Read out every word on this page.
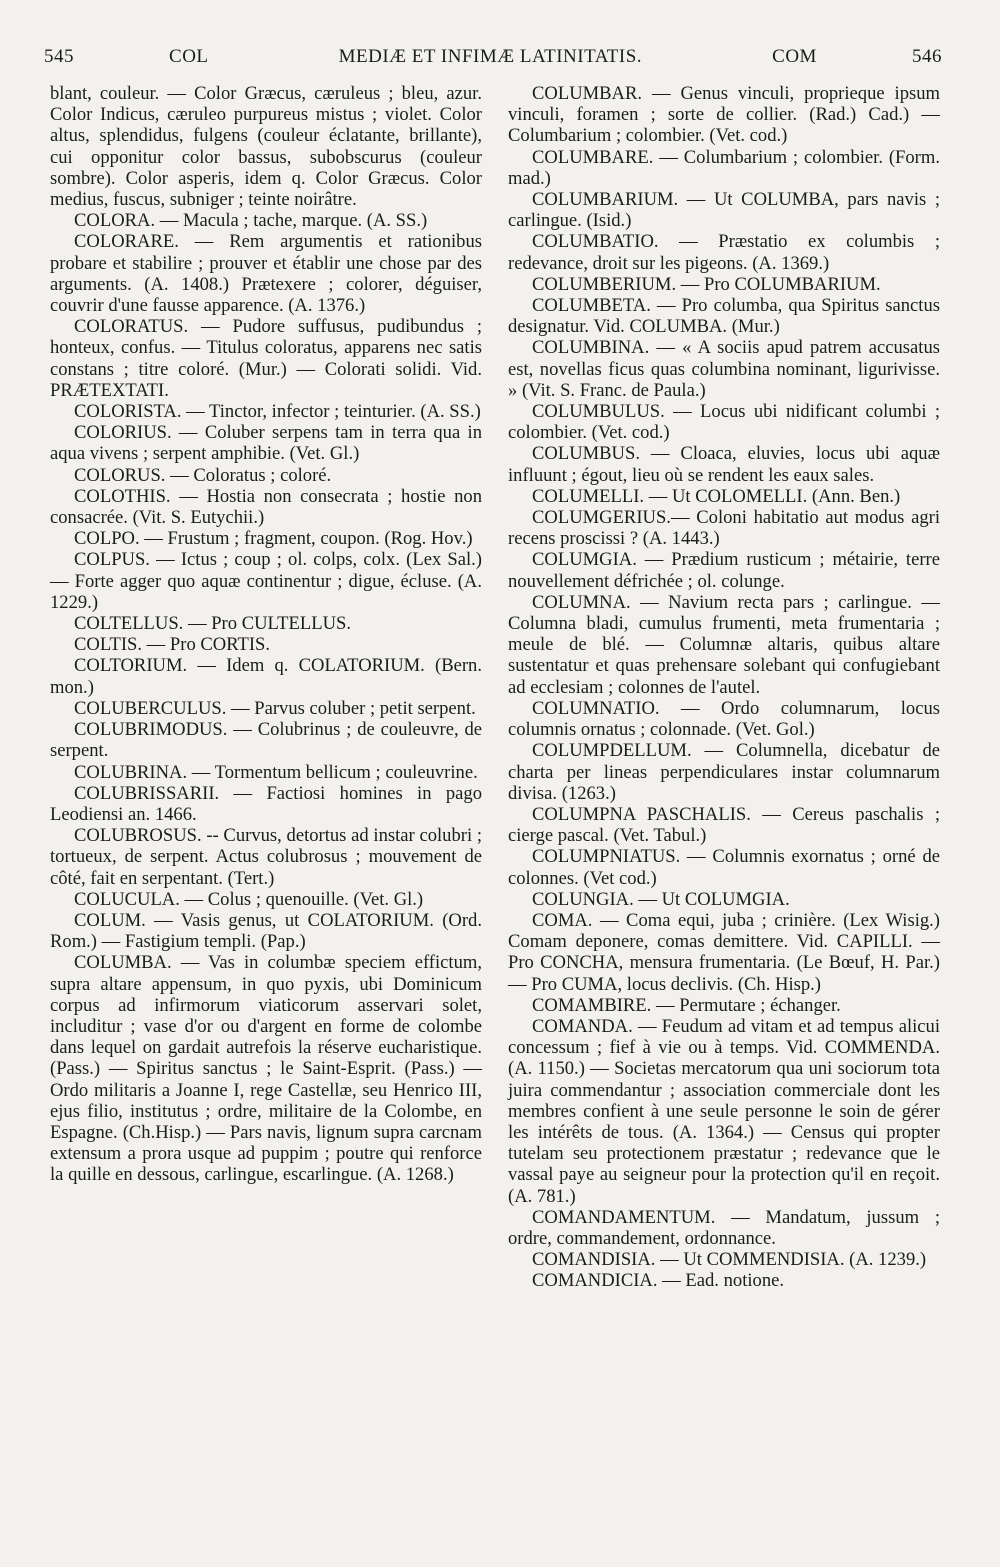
545	COL	MEDIÆ ET INFIMÆ LATINITATIS.	COM	546

blant, couleur. — Color Græcus, cæruleus ; bleu, azur. Color Indicus, cæruleo purpureus mistus ; violet. Color altus, splendidus, fulgens (couleur éclatante, brillante), cui opponitur color bassus, subobscurus (couleur sombre). Color asperis, idem q. Color Græcus. Color medius, fuscus, subniger ; teinte noirâtre.

COLORA. — Macula ; tache, marque. (A. SS.)

COLORARE. — Rem argumentis et rationibus probare et stabilire ; prouver et établir une chose par des arguments. (A. 1408.) Prætexere ; colorer, déguiser, couvrir d'une fausse apparence. (A. 1376.)

COLORATUS. — Pudore suffusus, pudibundus ; honteux, confus. — Titulus coloratus, apparens nec satis constans ; titre coloré. (Mur.) — Colorati solidi. Vid. PRÆTEXTATI.

COLORISTA. — Tinctor, infector ; teinturier. (A. SS.)

COLORIUS. — Coluber serpens tam in terra qua in aqua vivens ; serpent amphibie. (Vet. Gl.)

COLORUS. — Coloratus ; coloré.

COLOTHIS. — Hostia non consecrata ; hostie non consacrée. (Vit. S. Eutychii.)

COLPO. — Frustum ; fragment, coupon. (Rog. Hov.)

COLPUS. — Ictus ; coup ; ol. colps, colx. (Lex Sal.) — Forte agger quo aquæ continentur ; digue, écluse. (A. 1229.)

COLTELLUS. — Pro CULTELLUS.

COLTIS. — Pro CORTIS.

COLTORIUM. — Idem q. COLATORIUM. (Bern. mon.)

COLUBERCULUS. — Parvus coluber ; petit serpent.

COLUBRIMODUS. — Colubrinus ; de couleuvre, de serpent.

COLUBRINA. — Tormentum bellicum ; couleuvrine.

COLUBRISSARII. — Factiosi homines in pago Leodiensi an. 1466.

COLUBROSUS. -- Curvus, detortus ad instar colubri ; tortueux, de serpent. Actus colubrosus ; mouvement de côté, fait en serpentant. (Tert.)

COLUCULA. — Colus ; quenouille. (Vet. Gl.)

COLUM. — Vasis genus, ut COLATORIUM. (Ord. Rom.) — Fastigium templi. (Pap.)

COLUMBA. — Vas in columbæ speciem effictum, supra altare appensum, in quo pyxis, ubi Dominicum corpus ad infirmorum viaticorum asservari solet, includitur ; vase d'or ou d'argent en forme de colombe dans lequel on gardait autrefois la réserve eucharistique. (Pass.) — Spiritus sanctus ; le Saint-Esprit. (Pass.) — Ordo militaris a Joanne I, rege Castellæ, seu Henrico III, ejus filio, institutus ; ordre, militaire de la Colombe, en Espagne. (Ch.Hisp.) — Pars navis, lignum supra carcnam extensum a prora usque ad puppim ; poutre qui renforce la quille en dessous, carlingue, escarlingue. (A. 1268.)

COLUMBAR. — Genus vinculi, proprieque ipsum vinculi, foramen ; sorte de collier. (Rad.) Cad.) — Columbarium ; colombier. (Vet. cod.)

COLUMBARE. — Columbarium ; colombier. (Form. mad.)

COLUMBARIUM. — Ut COLUMBA, pars navis ; carlingue. (Isid.)

COLUMBATIO. — Præstatio ex columbis ; redevance, droit sur les pigeons. (A. 1369.)

COLUMBERIUM. — Pro COLUMBARIUM.

COLUMBETA. — Pro columba, qua Spiritus sanctus designatur. Vid. COLUMBA. (Mur.)

COLUMBINA. — « A sociis apud patrem accusatus est, novellas ficus quas columbina nominant, ligurivisse. » (Vit. S. Franc. de Paula.)

COLUMBULUS. — Locus ubi nidificant columbi ; colombier. (Vet. cod.)

COLUMBUS. — Cloaca, eluvies, locus ubi aquæ influunt ; égout, lieu où se rendent les eaux sales.

COLUMELLI. — Ut COLOMELLI. (Ann. Ben.)

COLUMGERIUS.— Coloni habitatio aut modus agri recens proscissi ? (A. 1443.)

COLUMGIA. — Prædium rusticum ; métairie, terre nouvellement défrichée ; ol. colunge.

COLUMNA. — Navium recta pars ; carlingue. — Columna bladi, cumulus frumenti, meta frumentaria ; meule de blé. — Columnæ altaris, quibus altare sustentatur et quas prehensare solebant qui confugiebant ad ecclesiam ; colonnes de l'autel.

COLUMNATIO. — Ordo columnarum, locus columnis ornatus ; colonnade. (Vet. Gol.)

COLUMPDELLUM. — Columnella, dicebatur de charta per lineas perpendiculares instar columnarum divisa. (1263.)

COLUMPNA PASCHALIS. — Cereus paschalis ; cierge pascal. (Vet. Tabul.)

COLUMPNIATUS. — Columnis exornatus ; orné de colonnes. (Vet cod.)

COLUNGIA. — Ut COLUMGIA.

COMA. — Coma equi, juba ; crinière. (Lex Wisig.) Comam deponere, comas demittere. Vid. CAPILLI. — Pro CONCHA, mensura frumentaria. (Le Bœuf, H. Par.) — Pro CUMA, locus declivis. (Ch. Hisp.)

COMAMBIRE. — Permutare ; échanger.

COMANDA. — Feudum ad vitam et ad tempus alicui concessum ; fief à vie ou à temps. Vid. COMMENDA. (A. 1150.) — Societas mercatorum qua uni sociorum tota juira commendantur ; association commerciale dont les membres confient à une seule personne le soin de gérer les intérêts de tous. (A. 1364.) — Census qui propter tutelam seu protectionem præstatur ; redevance que le vassal paye au seigneur pour la protection qu'il en reçoit. (A. 781.)

COMANDAMENTUM. — Mandatum, jussum ; ordre, commandement, ordonnance.

COMANDISIA. — Ut COMMENDISIA. (A. 1239.)

COMANDICIA. — Ead. notione.
